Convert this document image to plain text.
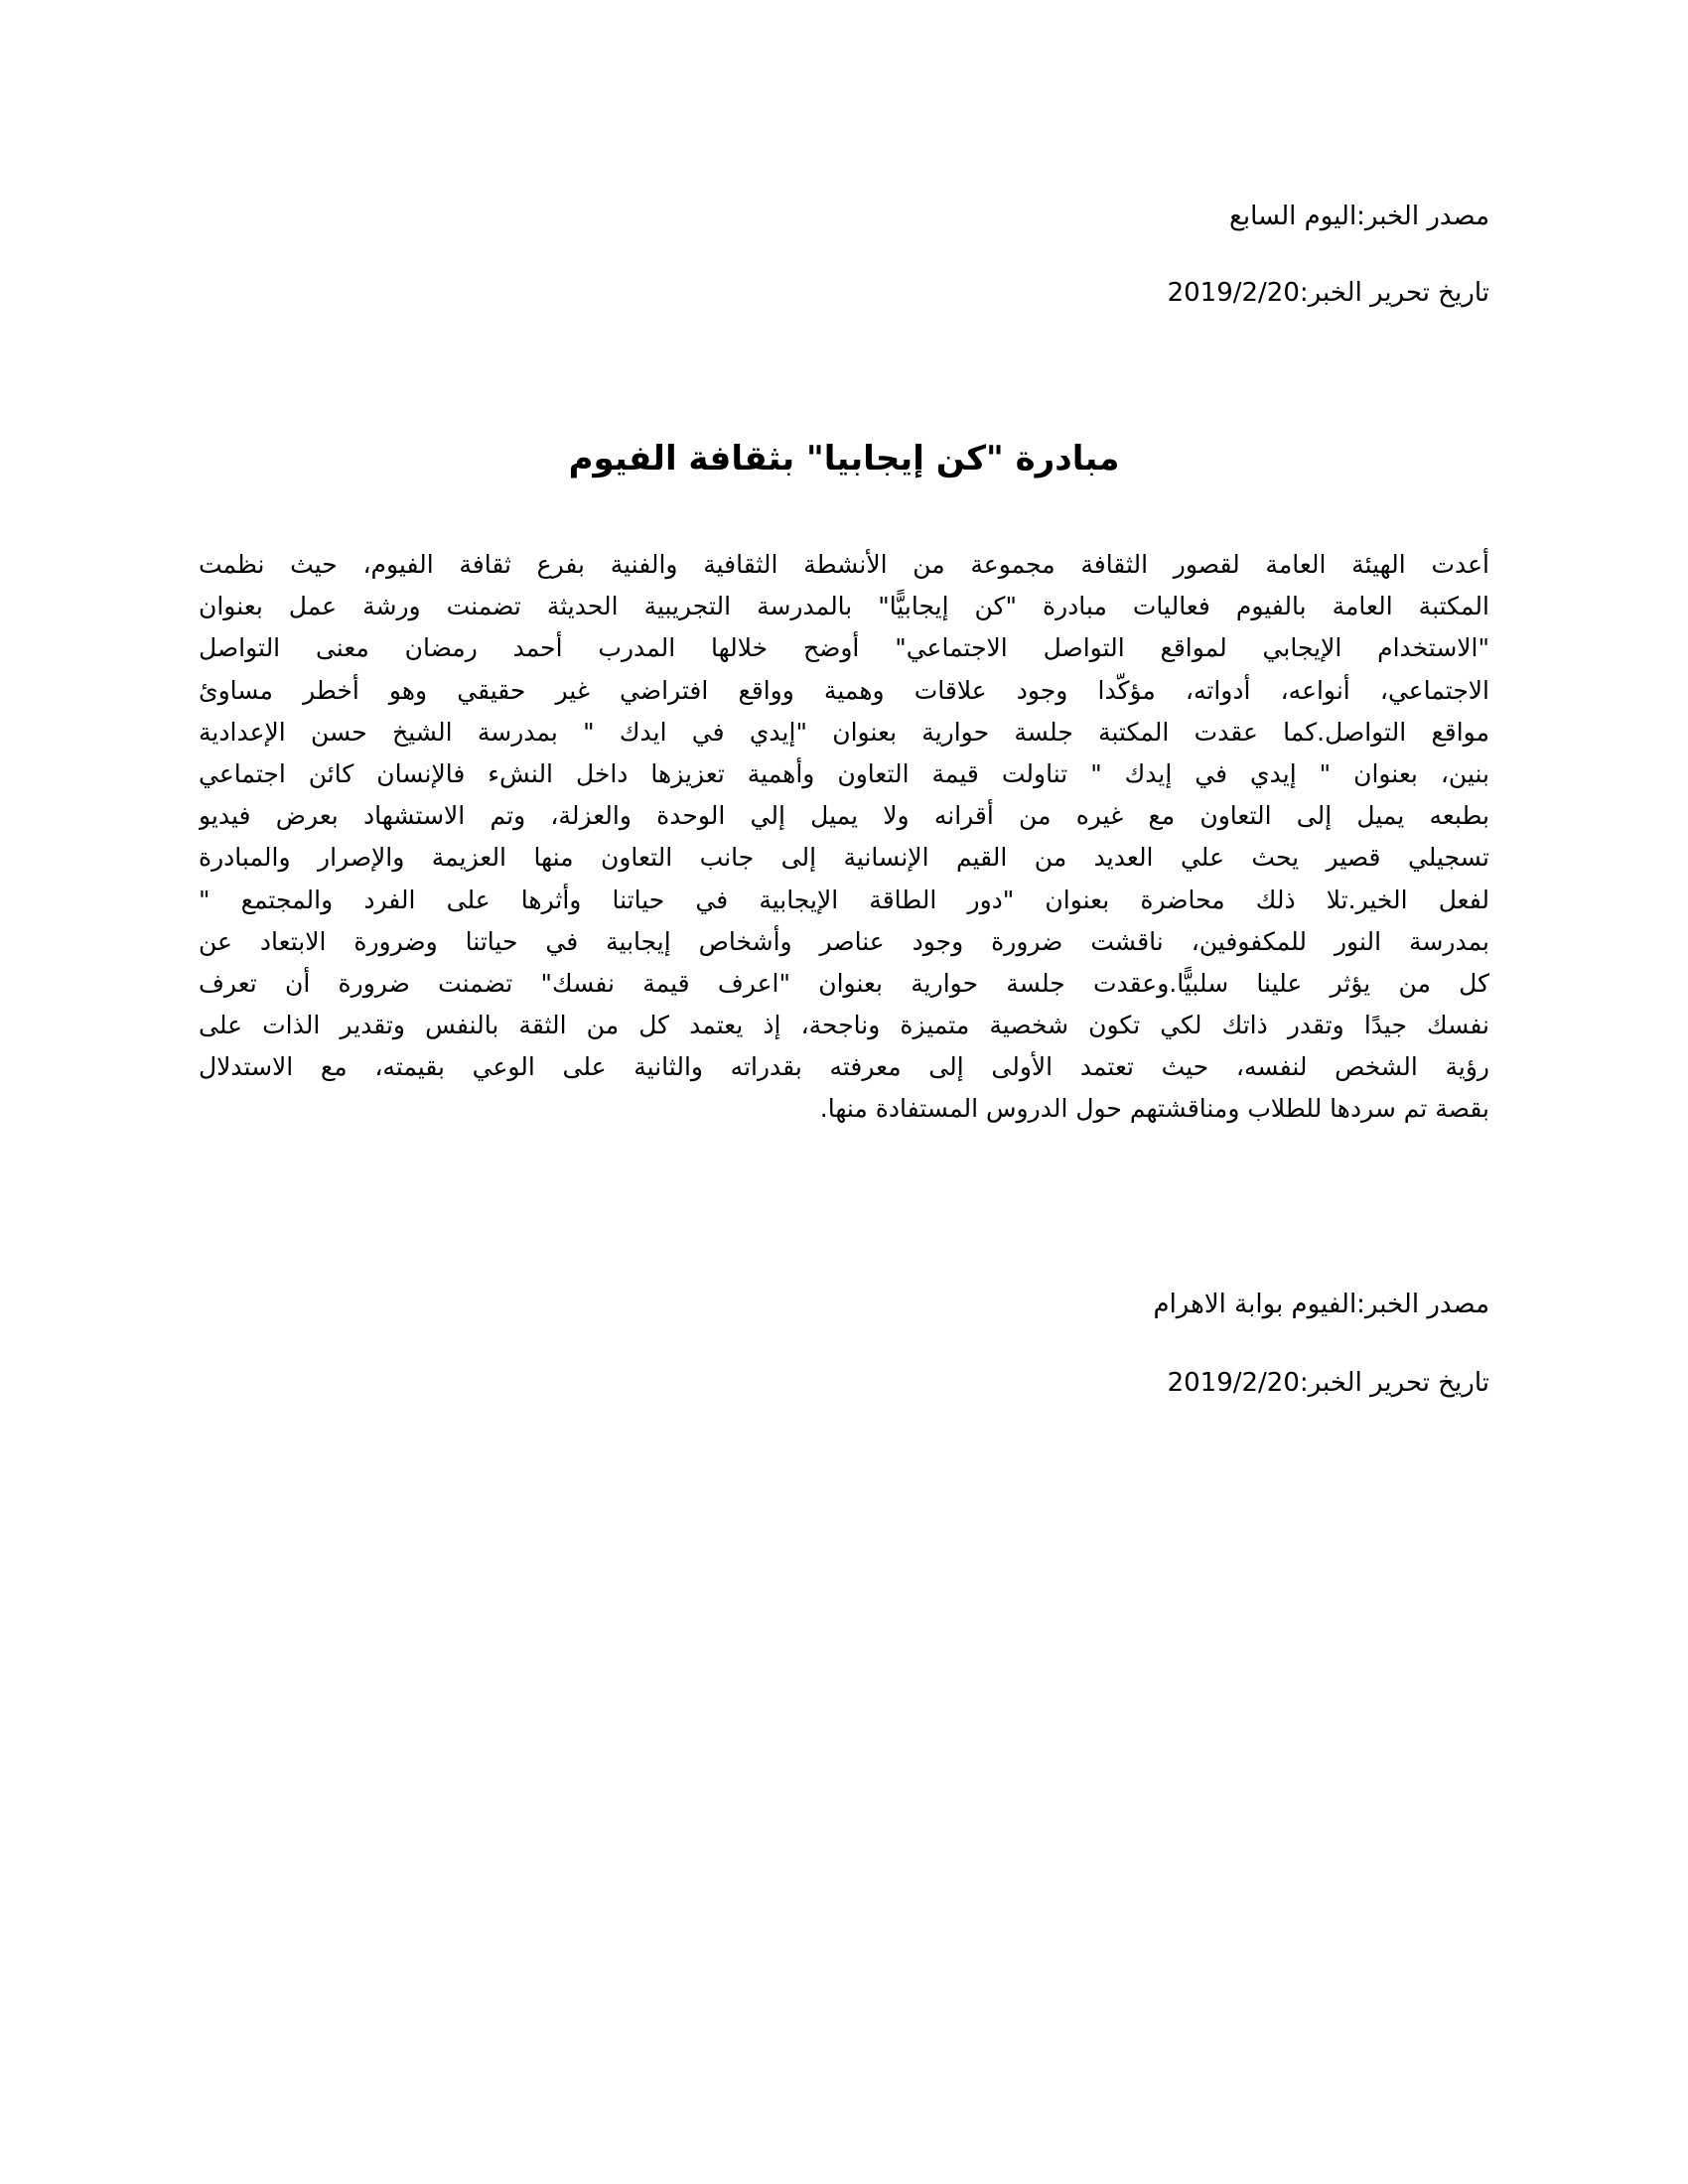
مصدر الخبر:اليوم السابع
تاريخ تحرير الخبر:2019/2/20
مبادرة "كن إيجابيا" بثقافة الفيوم
أعدت الهيئة العامة لقصور الثقافة مجموعة من الأنشطة الثقافية والفنية بفرع ثقافة الفيوم، حيث نظمت
المكتبة العامة بالفيوم فعاليات مبادرة "كن إيجابيًّا" بالمدرسة التجريبية الحديثة تضمنت ورشة عمل بعنوان
"الاستخدام الإيجابي لمواقع التواصل الاجتماعي" أوضح خلالها المدرب أحمد رمضان معنى التواصل
الاجتماعي، أنواعه، أدواته، مؤكّدا وجود علاقات وهمية وواقع افتراضي غير حقيقي وهو أخطر مساوئ
مواقع التواصل.كما عقدت المكتبة جلسة حوارية بعنوان "إيدي في ايدك " بمدرسة الشيخ حسن الإعدادية
بنين، بعنوان " إيدي في إيدك " تناولت قيمة التعاون وأهمية تعزيزها داخل النشء فالإنسان كائن اجتماعي
بطبعه يميل إلى التعاون مع غيره من أقرانه ولا يميل إلي الوحدة والعزلة، وتم الاستشهاد بعرض فيديو
تسجيلي قصير يحث علي العديد من القيم الإنسانية إلى جانب التعاون منها العزيمة والإصرار والمبادرة
لفعل الخير.تلا ذلك محاضرة بعنوان "دور الطاقة الإيجابية في حياتنا وأثرها على الفرد والمجتمع "
بمدرسة النور للمكفوفين، ناقشت ضرورة وجود عناصر وأشخاص إيجابية في حياتنا وضرورة الابتعاد عن
كل من يؤثر علينا سلبيًّا.وعقدت جلسة حوارية بعنوان "اعرف قيمة نفسك" تضمنت ضرورة أن تعرف
نفسك جيدًا وتقدر ذاتك لكي تكون شخصية متميزة وناجحة، إذ يعتمد كل من الثقة بالنفس وتقدير الذات على
رؤية الشخص لنفسه، حيث تعتمد الأولى إلى معرفته بقدراته والثانية على الوعي بقيمته، مع الاستدلال
بقصة تم سردها للطلاب ومناقشتهم حول الدروس المستفادة منها.
مصدر الخبر:الفيوم بوابة الاهرام
تاريخ تحرير الخبر:2019/2/20
